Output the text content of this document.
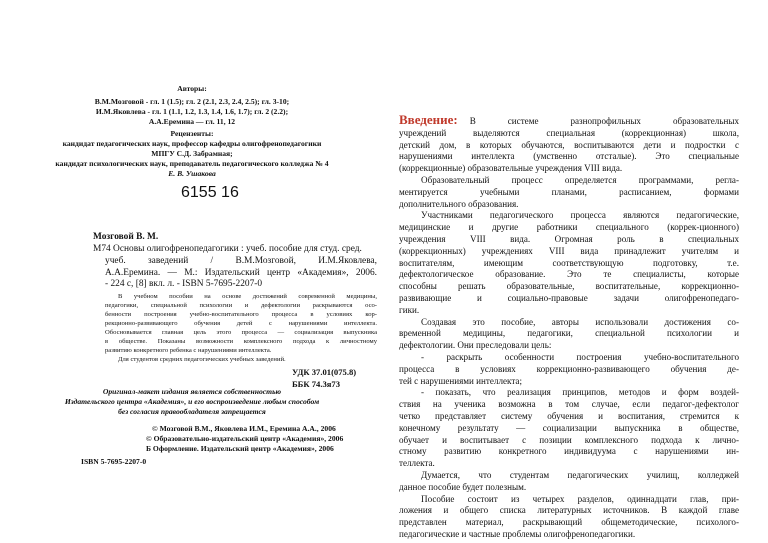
Авторы:
В.М.Мозговой - гл. 1 (1.5); гл. 2 (2.1, 2.3, 2.4, 2.5); гл. 3-10;
И.М.Яковлева - гл. 1 (1.1, 1.2, 1.3, 1.4, 1.6, 1.7); гл. 2 (2.2);
А.А.Еремина — гл. 11, 12
Рецензенты:
кандидат педагогических наук, профессор кафедры олигофренопедагогики
МПГУ С.Д. Забрамная;
кандидат психологических наук, преподаватель педагогического колледжа № 4
Е. В. Ушакова
6155 16
Мозговой В. М.
М74 Основы олигофренопедагогики : учеб. пособие для студ. сред.
учеб. заведений / В.М.Мозговой, И.М.Яковлева,
А.А.Еремина. — М.: Издательский центр «Академия», 2006.
- 224 с, [8] вкл. л. - ISBN 5-7695-2207-0
В учебном пособии на основе достижений современной медицины,
педагогики, специальной психологии и дефектологии раскрываются осо-
бенности построения учебно-воспитательного процесса в условиях кор-
рекционно-развивающего обучения детей с нарушениями интеллекта.
Обосновывается главная цель этого процесса — социализация выпускника
в обществе. Показаны возможности комплексного подхода к личностному
развитию конкретного ребенка с нарушениями интеллекта.
Для студентов средних педагогических учебных заведений.
УДК 37.01(075.8)
ББК 74.3я73
Оригинал-макет издания является собственностью
Издательского центра «Академия», и его воспроизведение любым способом
без согласия правообладателя запрещается
© Мозговой В.М., Яковлева И.М., Еремина А.А., 2006
© Образовательно-издательский центр «Академия», 2006
Б Оформление. Издательский центр «Академия», 2006
ISBN 5-7695-2207-0
Введение: В системе разнопрофильных образовательных
учреждений выделяются специальная (коррекционная) школа,
детский дом, в которых обучаются, воспитываются дети и подростки с
нарушениями интеллекта (умственно отсталые). Это специальные
(коррекционные) образовательные учреждения VIII вида.
Образовательный процесс определяется программами, регла-
ментируется учебными планами, расписанием, формами
дополнительного образования.
Участниками педагогического процесса являются педагогические,
медицинские и другие работники специального (коррек-ционного)
учреждения VIII вида. Огромная роль в специальных
(коррекционных) учреждениях VIII вида принадлежит учителям и
воспитателям, имеющим соответствующую подготовку, т.е.
дефектологическое образование. Это те специалисты, которые
способны решать образовательные, воспитательные, коррекционно-
развивающие и социально-правовые задачи олигофренопедаго-
гики.
Создавая это пособие, авторы использовали достижения со-
временной медицины, педагогики, специальной психологии и
дефектологии. Они преследовали цель:
- раскрыть особенности построения учебно-воспитательного
процесса в условиях коррекционно-развивающего обучения де-
тей с нарушениями интеллекта;
- показать, что реализация принципов, методов и форм воздей-
ствия на ученика возможна в том случае, если педагог-дефектолог
четко представляет систему обучения и воспитания, стремится к
конечному результату — социализации выпускника в обществе,
обучает и воспитывает с позиции комплексного подхода к лично-
стному развитию конкретного индивидуума с нарушениями ин-
теллекта.
Думается, что студентам педагогических училищ, колледжей
данное пособие будет полезным.
Пособие состоит из четырех разделов, одиннадцати глав, при-
ложения и общего списка литературных источников. В каждой главе
представлен материал, раскрывающий общеметодические, психолого-
педагогические и частные проблемы олигофренопедагогики.
